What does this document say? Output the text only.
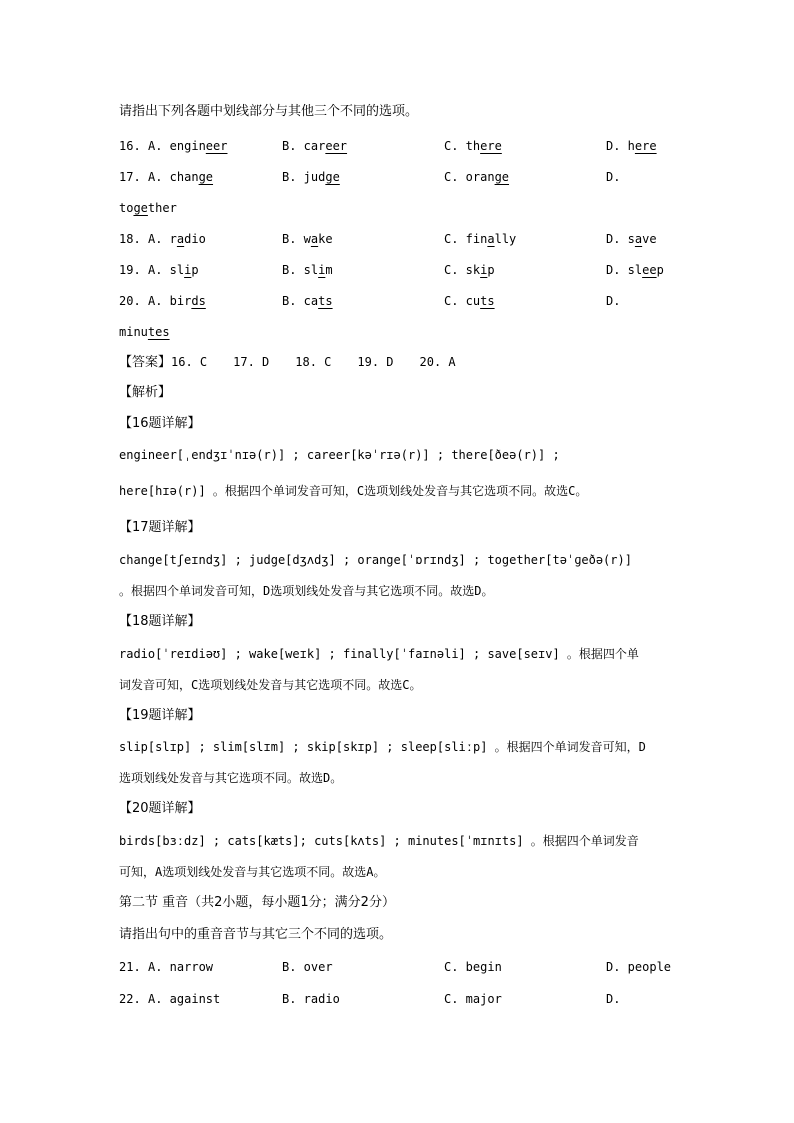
请指出下列各题中划线部分与其他三个不同的选项。
16. A. engineer	B. career	C. there	D. here
17. A. change	B. judge	C. orange	D.
together
18. A. radio	B. wake	C. finally	D. save
19. A. slip	B. slim	C. skip	D. sleep
20. A. birds	B. cats	C. cuts	D.
minutes
【答案】16. C 17. D 18. C 19. D 20. A
【解析】
【16题详解】
engineer[ˌendʒɪˈnɪə(r)] ; career[kəˈrɪə(r)] ; there[ðeə(r)] ;
here[hɪə(r)] 。根据四个单词发音可知，C选项划线处发音与其它选项不同。故选C。
【17题详解】
change[tʃeɪndʒ] ; judge[dʒʌdʒ] ; orange[ˈɒrɪndʒ] ; together[təˈɡeðə(r)]
。根据四个单词发音可知，D选项划线处发音与其它选项不同。故选D。
【18题详解】
radio[ˈreɪdiəʊ] ; wake[weɪk] ; finally[ˈfaɪnəli] ; save[seɪv] 。根据四个单
词发音可知，C选项划线处发音与其它选项不同。故选C。
【19题详解】
slip[slɪp] ; slim[slɪm] ; skip[skɪp] ; sleep[sliːp] 。根据四个单词发音可知，D
选项划线处发音与其它选项不同。故选D。
【20题详解】
birds[bɜːdz] ; cats[kæts]; cuts[kʌts] ; minutes[ˈmɪnɪts] 。根据四个单词发音
可知，A选项划线处发音与其它选项不同。故选A。
第二节 重音（共2小题，每小题1分；满分2分）
请指出句中的重音音节与其它三个不同的选项。
21. A. narrow	B. over	C. begin	D. people
22. A. against	B. radio	C. major	D.
